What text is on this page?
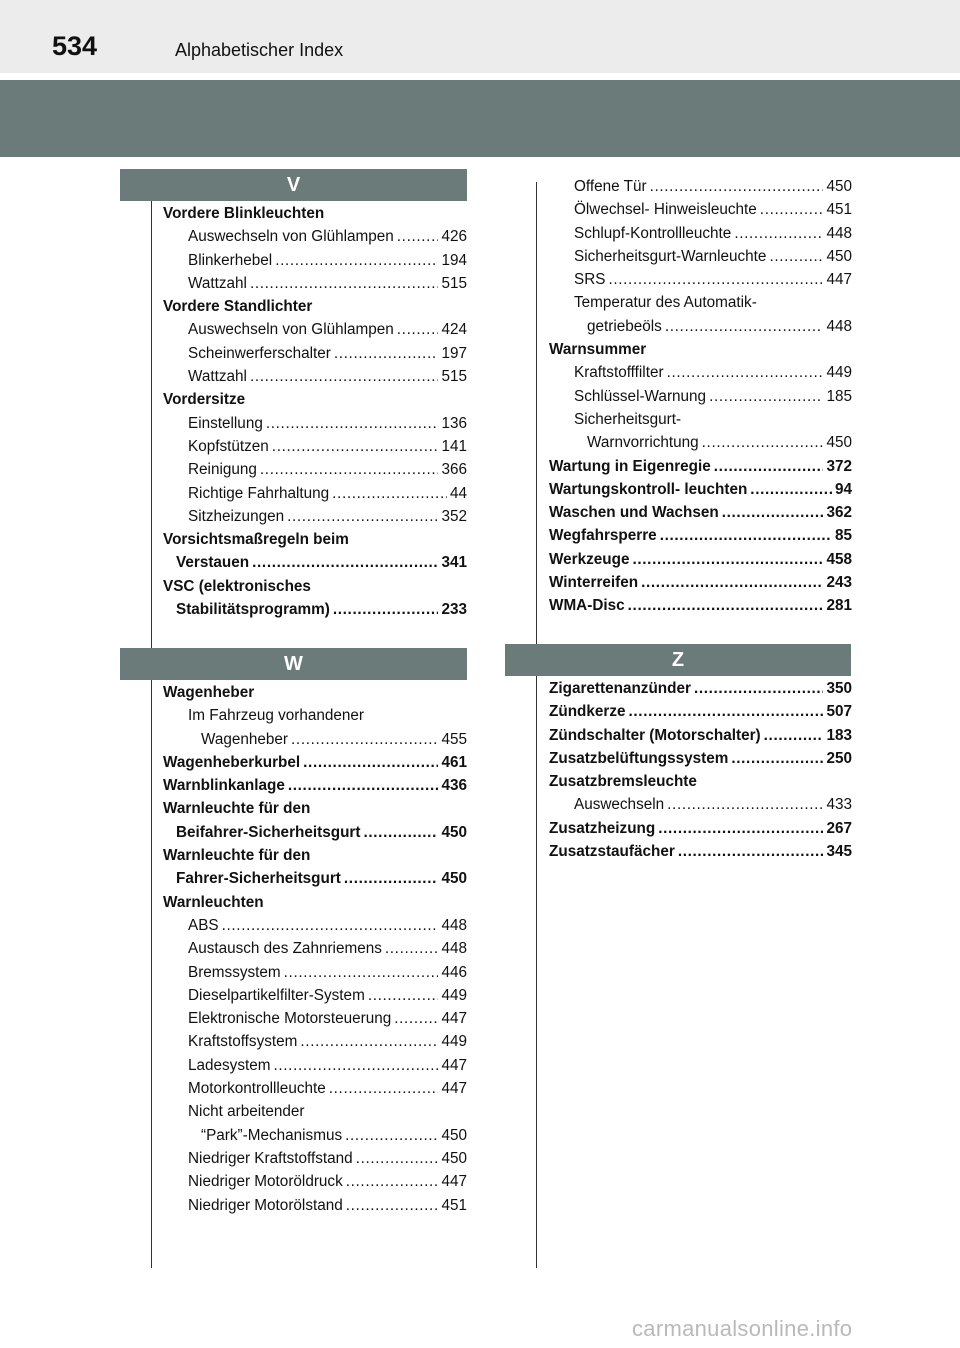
534	Alphabetischer Index
V
W	Z
Vordere Blinkleuchten
Auswechseln von Glühlampen . . .	426
Blinkerhebel . . .	194
Wattzahl . . .	515
Vordere Standlichter
Auswechseln von Glühlampen . . .	424
Scheinwerferschalter . . .	197
Wattzahl . . .	515
Vordersitze
Einstellung . . .	136
Kopfstützen . . .	141
Reinigung . . .	366
Richtige Fahrhaltung . . .	44
Sitzheizungen . . .	352
Vorsichtsmaßregeln beim
Verstauen . . .	341
VSC (elektronisches
Stabilitätsprogramm) . . .	233
Wagenheber
Im Fahrzeug vorhandener
Wagenheber . . .	455
Wagenheberkurbel . . .	461
Warnblinkanlage . . .	436
Warnleuchte für den
Beifahrer-Sicherheitsgurt . . .	450
Warnleuchte für den
Fahrer-Sicherheitsgurt . . .	450
Warnleuchten
ABS . . .	448
Austausch des Zahnriemens . . .	448
Bremssystem . . .	446
Dieselpartikelfilter-System . . .	449
Elektronische Motorsteuerung . . .	447
Kraftstoffsystem . . .	449
Ladesystem . . .	447
Motorkontrollleuchte . . .	447
Nicht arbeitender
“Park”-Mechanismus . . .	450
Niedriger Kraftstoffstand . . .	450
Niedriger Motoröldruck . . .	447
Niedriger Motorölstand . . .	451
Offene Tür . . .	450
Ölwechsel- Hinweisleuchte . . .	451
Schlupf-Kontrollleuchte . . .	448
Sicherheitsgurt-Warnleuchte . . .	450
SRS . . .	447
Temperatur des Automatik-
getriebeöls . . .	448
Warnsummer
Kraftstofffilter . . .	449
Schlüssel-Warnung . . .	185
Sicherheitsgurt-
Warnvorrichtung . . .	450
Wartung in Eigenregie . . .	372
Wartungskontroll- leuchten . . .	94
Waschen und Wachsen . . .	362
Wegfahrsperre . . .	85
Werkzeuge . . .	458
Winterreifen . . .	243
WMA-Disc . . .	281
Zigarettenanzünder . . .	350
Zündkerze . . .	507
Zündschalter (Motorschalter) . . .	183
Zusatzbelüftungssystem . . .	250
Zusatzbremsleuchte
Auswechseln . . .	433
Zusatzheizung . . .	267
Zusatzstaufächer . . .	345
carmanualsonline.info
